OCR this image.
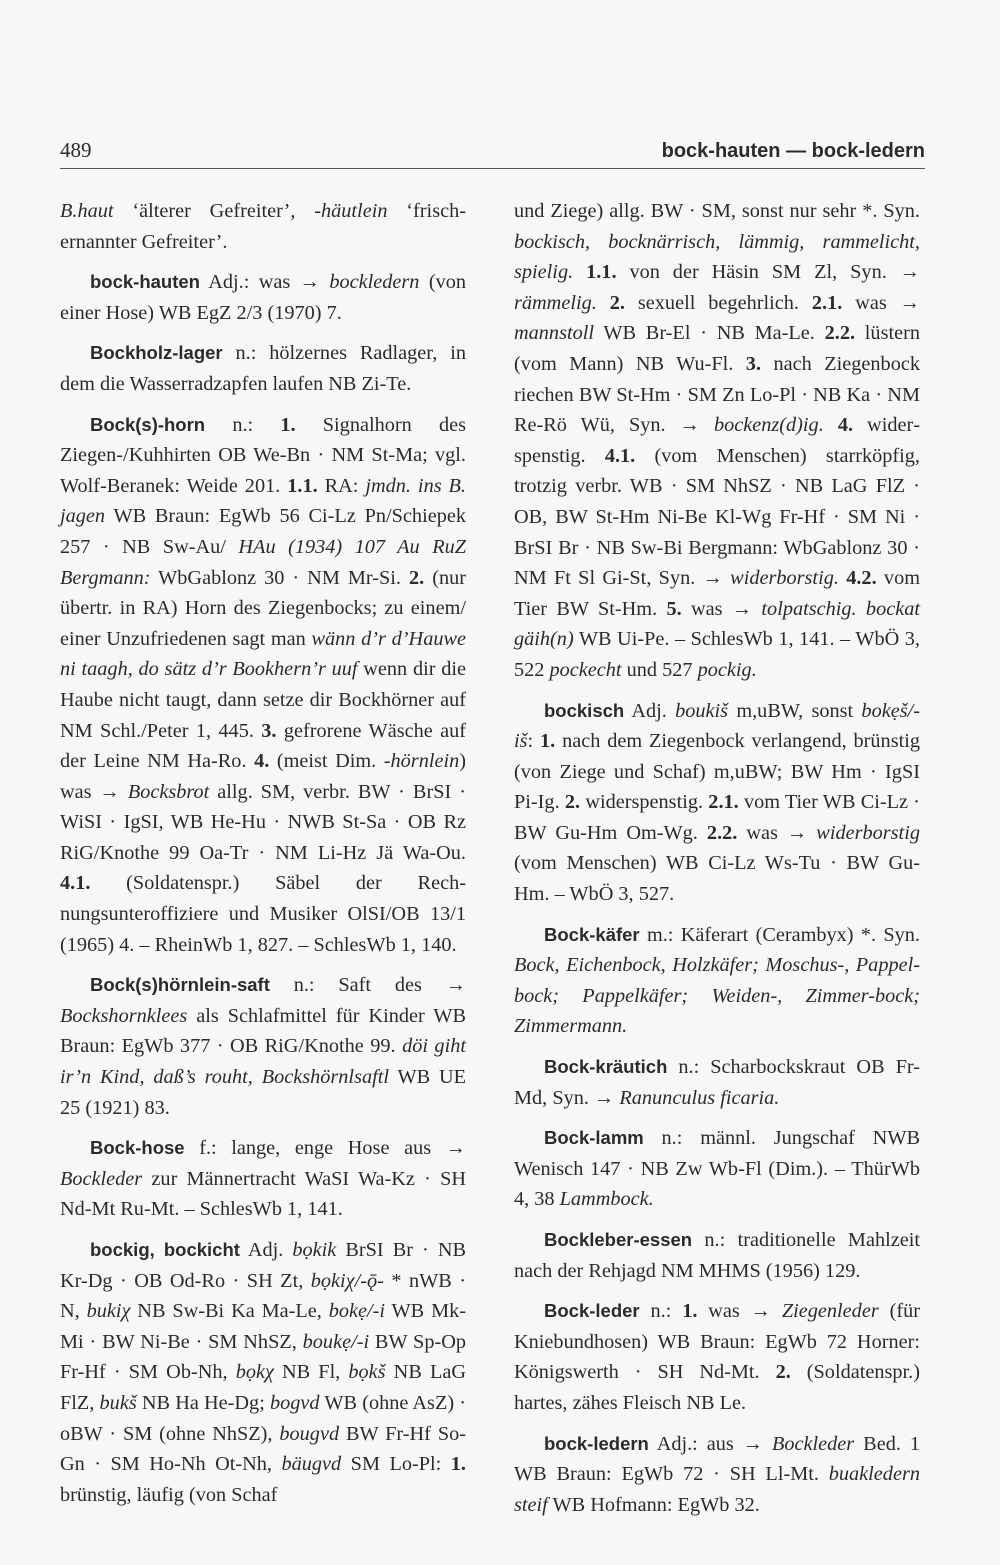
489	bock-hauten — bock-ledern

B.haut ‘älterer Gefreiter’, -häutlein ‘frischernannter Gefreiter’.

bock-hauten Adj.: was → bockledern (von einer Hose) WB EgZ 2/3 (1970) 7.

Bockholz-lager n.: hölzernes Radlager, in dem die Wasserradzapfen laufen NB Zi-Te.

Bock(s)-horn n.: 1. Signalhorn des Ziegen-/Kuhhirten OB We-Bn · NM St-Ma; vgl. Wolf-Beranek: Weide 201. 1.1. RA: jmdn. ins B. jagen WB Braun: EgWb 56 Ci-Lz Pn/Schiepek 257 · NB Sw-Au/ HAu (1934) 107 Au RuZ Bergmann: WbGablonz 30 · NM Mr-Si. 2. (nur übertr. in RA) Horn des Ziegenbocks; zu einem/ einer Unzufriedenen sagt man wänn d’r d’Hauwe ni taagh, do sätz d’r Bookhern’r uuf wenn dir die Haube nicht taugt, dann setze dir Bockhörner auf NM Schl./Peter 1, 445. 3. gefrorene Wäsche auf der Leine NM Ha-Ro. 4. (meist Dim. -hörnlein) was → Bocksbrot allg. SM, verbr. BW · BrSI · WiSI · IgSI, WB He-Hu · NWB St-Sa · OB Rz RiG/Knothe 99 Oa-Tr · NM Li-Hz Jä Wa-Ou. 4.1. (Soldatenspr.) Säbel der Rechnungsunteroffiziere und Musiker OlSI/OB 13/1 (1965) 4. – RheinWb 1, 827. – SchlesWb 1, 140.

Bock(s)hörnlein-saft n.: Saft des → Bockshornklees als Schlafmittel für Kinder WB Braun: EgWb 377 · OB RiG/Knothe 99. döi giht ir’n Kind, daß’s rouht, Bockshörnlsaftl WB UE 25 (1921) 83.

Bock-hose f.: lange, enge Hose aus → Bockleder zur Männertracht WaSI Wa-Kz · SH Nd-Mt Ru-Mt. – SchlesWb 1, 141.

bockig, bockicht Adj. bọkik BrSI Br · NB Kr-Dg · OB Od-Ro · SH Zt, bọkiχ/-ǭ- * nWB · N, bukiχ NB Sw-Bi Ka Ma-Le, bokẹ/-i WB Mk-Mi · BW Ni-Be · SM NhSZ, boukẹ/-i BW Sp-Op Fr-Hf · SM Ob-Nh, bọkχ NB Fl, bọkš NB LaG FlZ, bukš NB Ha He-Dg; bogvd WB (ohne AsZ) · oBW · SM (ohne NhSZ), bougvd BW Fr-Hf So-Gn · SM Ho-Nh Ot-Nh, bäugvd SM Lo-Pl: 1. brünstig, läufig (von Schaf

und Ziege) allg. BW · SM, sonst nur sehr *. Syn. bockisch, bocknärrisch, lämmig, rammelicht, spielig. 1.1. von der Häsin SM Zl, Syn. → rämmelig. 2. sexuell begehrlich. 2.1. was → mannstoll WB Br-El · NB Ma-Le. 2.2. lüstern (vom Mann) NB Wu-Fl. 3. nach Ziegenbock riechen BW St-Hm · SM Zn Lo-Pl · NB Ka · NM Re-Rö Wü, Syn. → bockenz(d)ig. 4. widerspenstig. 4.1. (vom Menschen) starrköpfig, trotzig verbr. WB · SM NhSZ · NB LaG FlZ · OB, BW St-Hm Ni-Be Kl-Wg Fr-Hf · SM Ni · BrSI Br · NB Sw-Bi Bergmann: WbGablonz 30 · NM Ft Sl Gi-St, Syn. → widerborstig. 4.2. vom Tier BW St-Hm. 5. was → tolpatschig. bockat gäih(n) WB Ui-Pe. – SchlesWb 1, 141. – WbÖ 3, 522 pockecht und 527 pockig.

bockisch Adj. boukiš m,uBW, sonst bokẹš/-iš: 1. nach dem Ziegenbock verlangend, brünstig (von Ziege und Schaf) m,uBW; BW Hm · IgSI Pi-Ig. 2. widerspenstig. 2.1. vom Tier WB Ci-Lz · BW Gu-Hm Om-Wg. 2.2. was → widerborstig (vom Menschen) WB Ci-Lz Ws-Tu · BW Gu-Hm. – WbÖ 3, 527.

Bock-käfer m.: Käferart (Cerambyx) *. Syn. Bock, Eichenbock, Holzkäfer; Moschus-, Pappel-bock; Pappelkäfer; Weiden-, Zimmer-bock; Zimmermann.

Bock-kräutich n.: Scharbockskraut OB Fr-Md, Syn. → Ranunculus ficaria.

Bock-lamm n.: männl. Jungschaf NWB Wenisch 147 · NB Zw Wb-Fl (Dim.). – ThürWb 4, 38 Lammbock.

Bockleber-essen n.: traditionelle Mahlzeit nach der Rehjagd NM MHMS (1956) 129.

Bock-leder n.: 1. was → Ziegenleder (für Kniebundhosen) WB Braun: EgWb 72 Horner: Königswerth · SH Nd-Mt. 2. (Soldatenspr.) hartes, zähes Fleisch NB Le.

bock-ledern Adj.: aus → Bockleder Bed. 1 WB Braun: EgWb 72 · SH Ll-Mt. buakledern steif WB Hofmann: EgWb 32.
